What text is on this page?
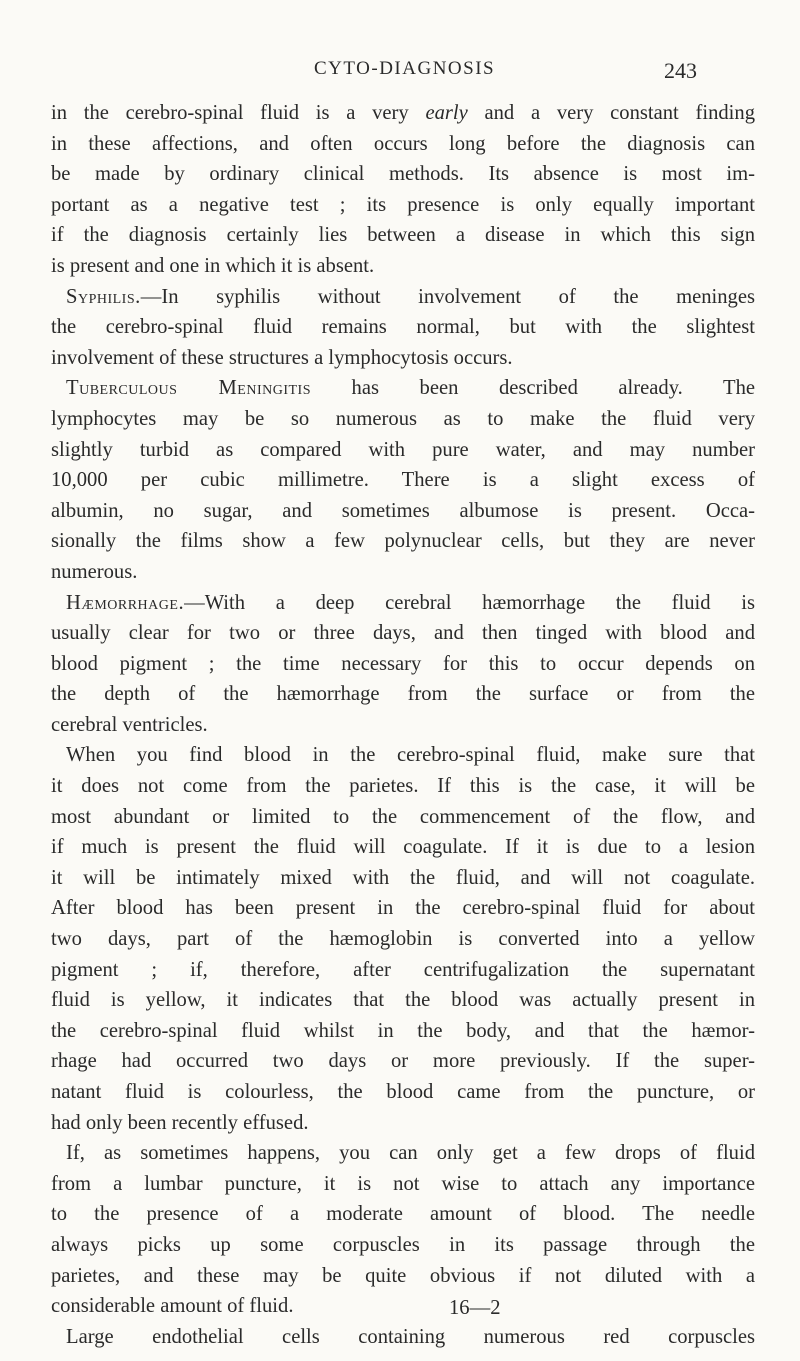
CYTO-DIAGNOSIS	243
in the cerebro-spinal fluid is a very early and a very constant finding
in these affections, and often occurs long before the diagnosis can
be made by ordinary clinical methods. Its absence is most im-
portant as a negative test ; its presence is only equally important
if the diagnosis certainly lies between a disease in which this sign
is present and one in which it is absent.
Syphilis.—In syphilis without involvement of the meninges
the cerebro-spinal fluid remains normal, but with the slightest
involvement of these structures a lymphocytosis occurs.
Tuberculous Meningitis has been described already. The
lymphocytes may be so numerous as to make the fluid very
slightly turbid as compared with pure water, and may number
10,000 per cubic millimetre. There is a slight excess of
albumin, no sugar, and sometimes albumose is present. Occa-
sionally the films show a few polynuclear cells, but they are never
numerous.
Hæmorrhage.—With a deep cerebral hæmorrhage the fluid is
usually clear for two or three days, and then tinged with blood and
blood pigment ; the time necessary for this to occur depends on
the depth of the hæmorrhage from the surface or from the
cerebral ventricles.
When you find blood in the cerebro-spinal fluid, make sure that
it does not come from the parietes. If this is the case, it will be
most abundant or limited to the commencement of the flow, and
if much is present the fluid will coagulate. If it is due to a lesion
it will be intimately mixed with the fluid, and will not coagulate.
After blood has been present in the cerebro-spinal fluid for about
two days, part of the hæmoglobin is converted into a yellow
pigment ; if, therefore, after centrifugalization the supernatant
fluid is yellow, it indicates that the blood was actually present in
the cerebro-spinal fluid whilst in the body, and that the hæmor-
rhage had occurred two days or more previously. If the super-
natant fluid is colourless, the blood came from the puncture, or
had only been recently effused.
If, as sometimes happens, you can only get a few drops of fluid
from a lumbar puncture, it is not wise to attach any importance
to the presence of a moderate amount of blood. The needle
always picks up some corpuscles in its passage through the
parietes, and these may be quite obvious if not diluted with a
considerable amount of fluid.
Large endothelial cells containing numerous red corpuscles
16—2
